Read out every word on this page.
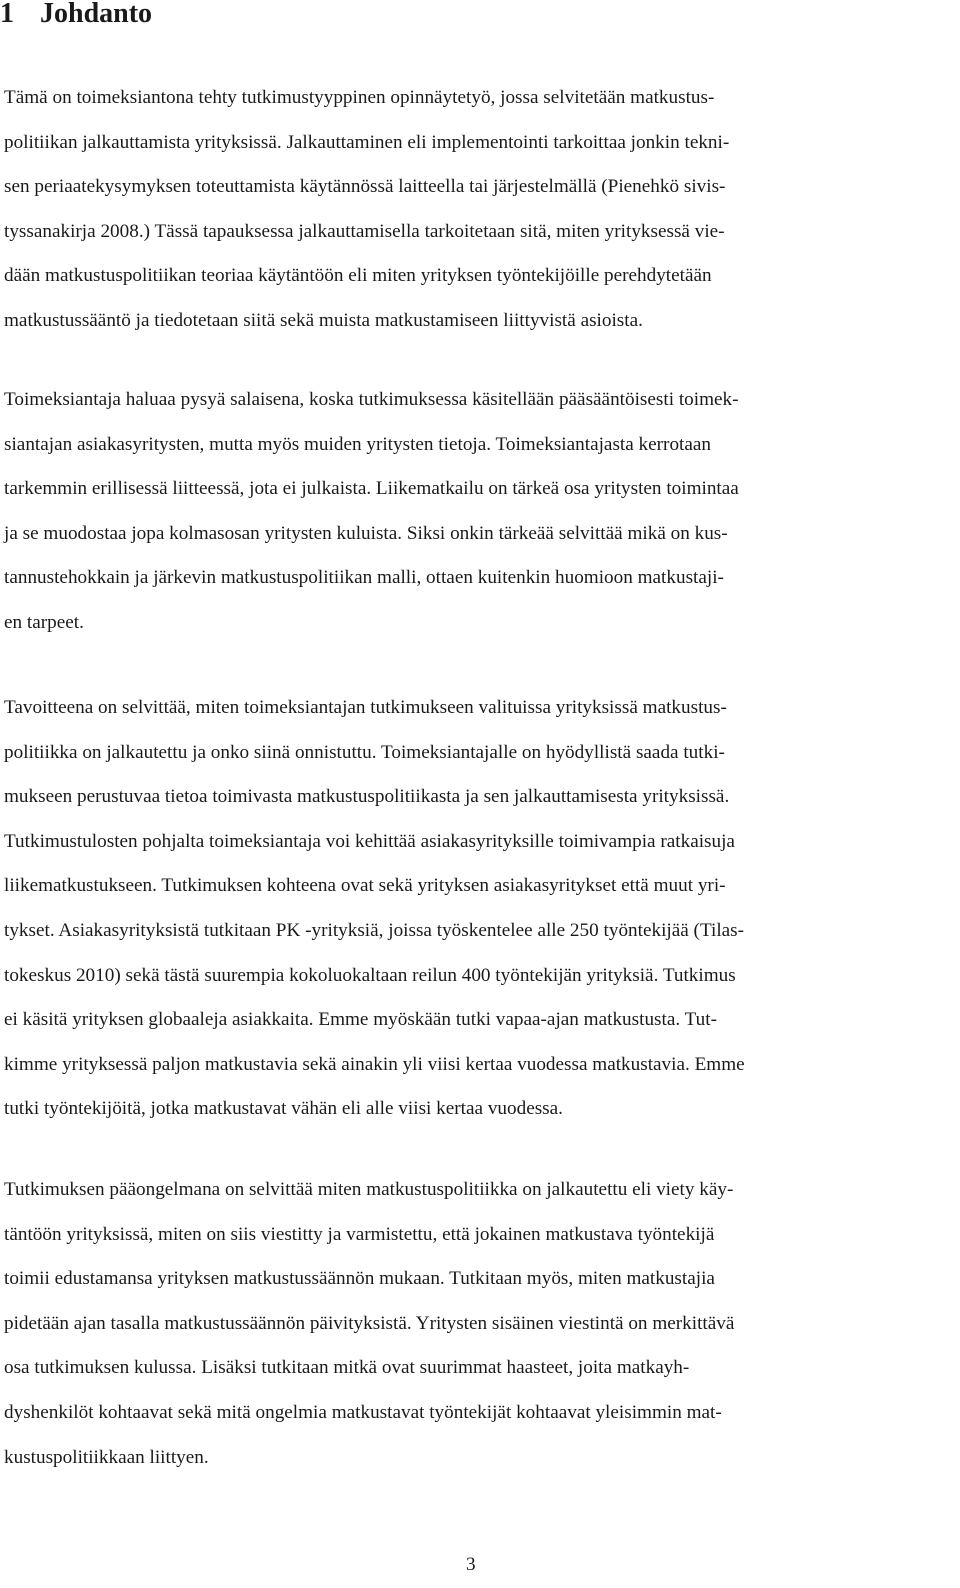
1 Johdanto

Tämä on toimeksiantona tehty tutkimustyyppinen opinnäytetyö, jossa selvitetään matkustus-
politiikan jalkauttamista yrityksissä. Jalkauttaminen eli implementointi tarkoittaa jonkin tekni-
sen periaatekysymyksen toteuttamista käytännössä laitteella tai järjestelmällä (Pienehkö sivis-
tyssanakirja 2008.) Tässä tapauksessa jalkauttamisella tarkoitetaan sitä, miten yrityksessä vie-
dään matkustuspolitiikan teoriaa käytäntöön eli miten yrityksen työntekijöille perehdytetään
matkustussääntö ja tiedotetaan siitä sekä muista matkustamiseen liittyvistä asioista.

Toimeksiantaja haluaa pysyä salaisena, koska tutkimuksessa käsitellään pääsääntöisesti toimek-
siantajan asiakasyritysten, mutta myös muiden yritysten tietoja. Toimeksiantajasta kerrotaan
tarkemmin erillisessä liitteessä, jota ei julkaista. Liikematkailu on tärkeä osa yritysten toimintaa
ja se muodostaa jopa kolmasosan yritysten kuluista. Siksi onkin tärkeää selvittää mikä on kus-
tannustehokkain ja järkevin matkustuspolitiikan malli, ottaen kuitenkin huomioon matkustaji-
en tarpeet.

Tavoitteena on selvittää, miten toimeksiantajan tutkimukseen valituissa yrityksissä matkustus-
politiikka on jalkautettu ja onko siinä onnistuttu. Toimeksiantajalle on hyödyllistä saada tutki-
mukseen perustuvaa tietoa toimivasta matkustuspolitiikasta ja sen jalkauttamisesta yrityksissä.
Tutkimustulosten pohjalta toimeksiantaja voi kehittää asiakasyrityksille toimivampia ratkaisuja
liikematkustukseen. Tutkimuksen kohteena ovat sekä yrityksen asiakasyritykset että muut yri-
tykset. Asiakasyrityksistä tutkitaan PK -yrityksiä, joissa työskentelee alle 250 työntekijää (Tilas-
tokeskus 2010) sekä tästä suurempia kokoluokaltaan reilun 400 työntekijän yrityksiä. Tutkimus
ei käsitä yrityksen globaaleja asiakkaita. Emme myöskään tutki vapaa-ajan matkustusta. Tut-
kimme yrityksessä paljon matkustavia sekä ainakin yli viisi kertaa vuodessa matkustavia. Emme
tutki työntekijöitä, jotka matkustavat vähän eli alle viisi kertaa vuodessa.

Tutkimuksen pääongelmana on selvittää miten matkustuspolitiikka on jalkautettu eli viety käy-
täntöön yrityksissä, miten on siis viestitty ja varmistettu, että jokainen matkustava työntekijä
toimii edustamansa yrityksen matkustussäännön mukaan. Tutkitaan myös, miten matkustajia
pidetään ajan tasalla matkustussäännön päivityksistä. Yritysten sisäinen viestintä on merkittävä
osa tutkimuksen kulussa. Lisäksi tutkitaan mitkä ovat suurimmat haasteet, joita matkayh-
dyshenkilöt kohtaavat sekä mitä ongelmia matkustavat työntekijät kohtaavat yleisimmin mat-
kustuspolitiikkaan liittyen.

3
